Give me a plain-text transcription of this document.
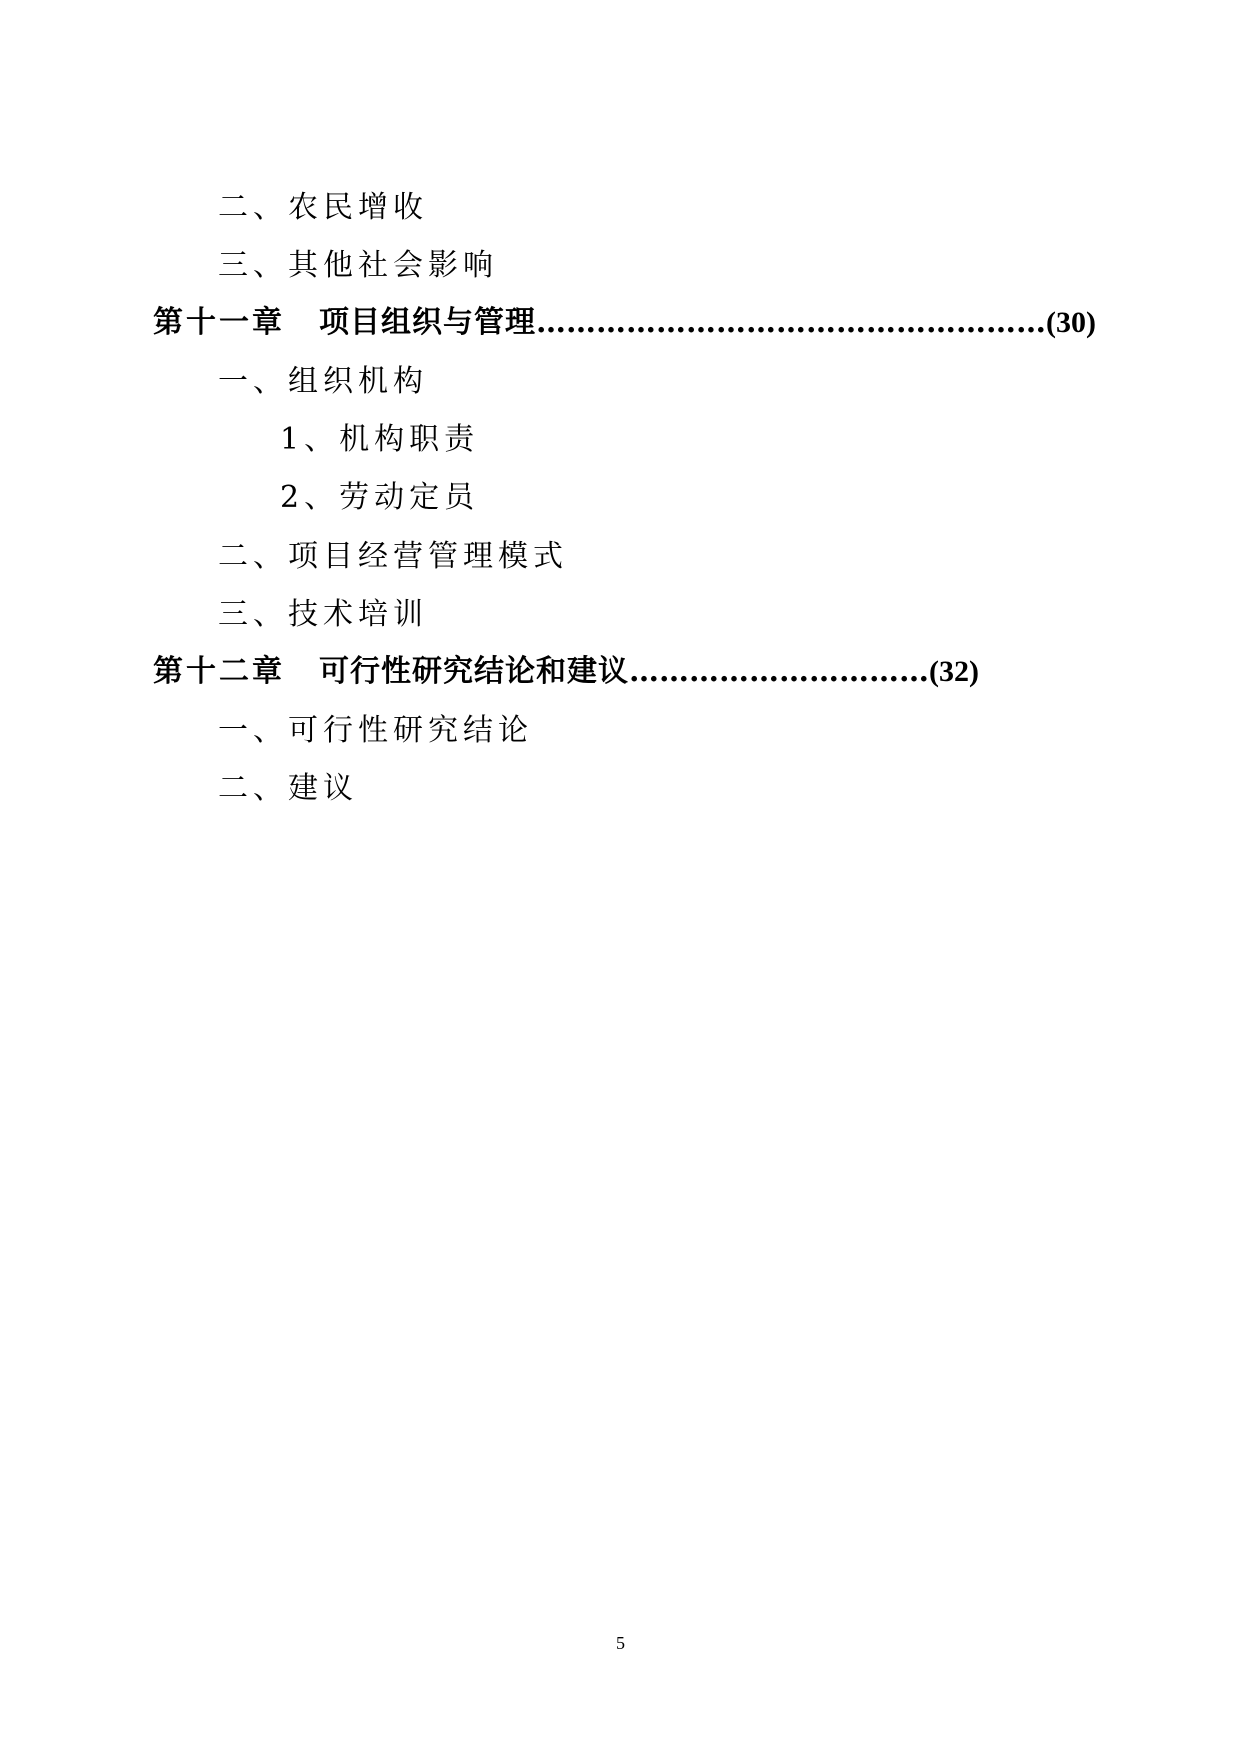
二、农民增收
三、其他社会影响
第十一章 项目组织与管理……………………………………………(30)
一、组织机构
1、机构职责
2、劳动定员
二、项目经营管理模式
三、技术培训
第十二章 可行性研究结论和建议…………………………(32)
一、可行性研究结论
二、建议
5
